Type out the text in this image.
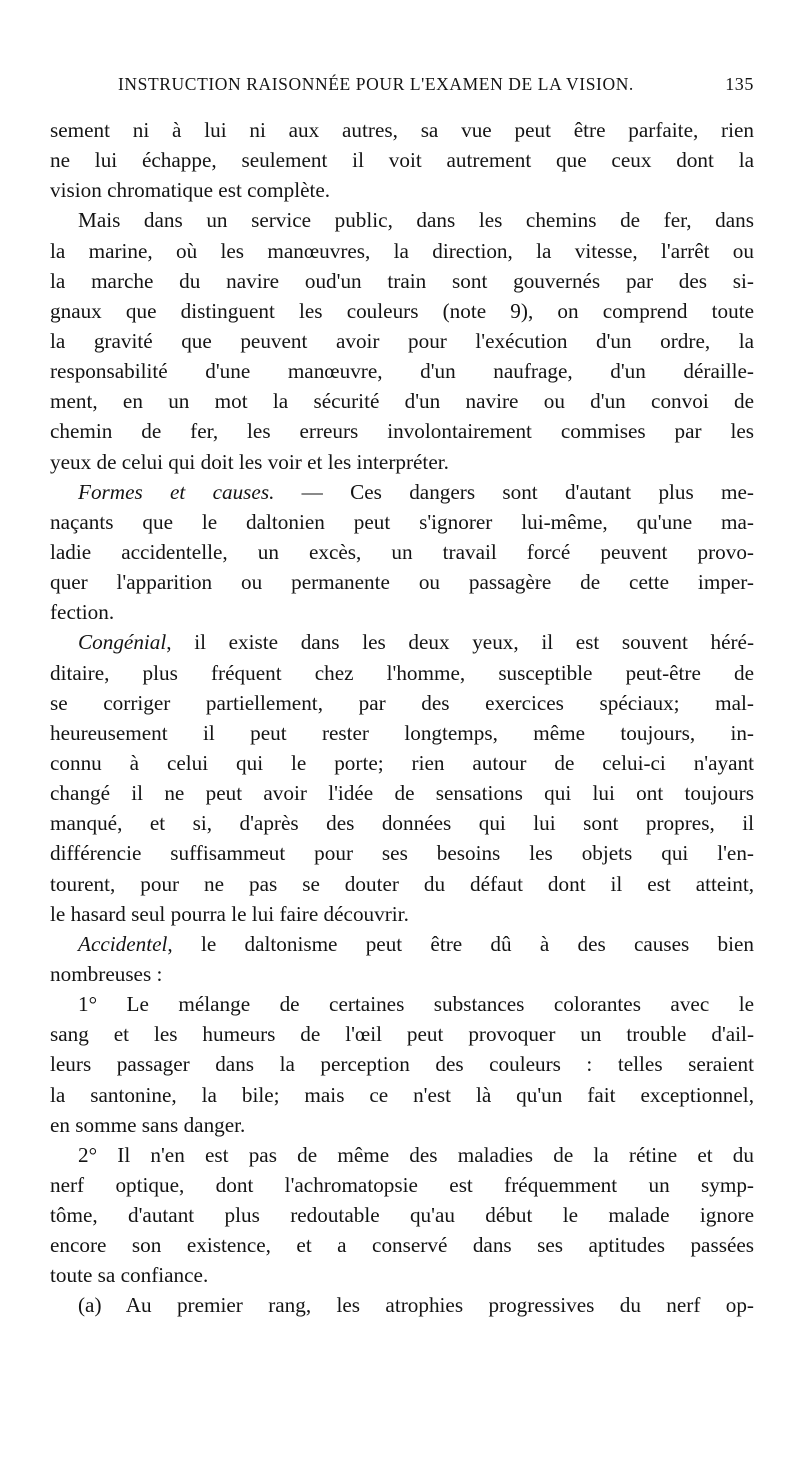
INSTRUCTION RAISONNÉE POUR L'EXAMEN DE LA VISION.	135
sement ni à lui ni aux autres, sa vue peut être parfaite, rien
ne lui échappe, seulement il voit autrement que ceux dont la
vision chromatique est complète.
Mais dans un service public, dans les chemins de fer, dans
la marine, où les manœuvres, la direction, la vitesse, l'arrêt ou
la marche du navire oud'un train sont gouvernés par des si-
gnaux que distinguent les couleurs (note 9), on comprend toute
la gravité que peuvent avoir pour l'exécution d'un ordre, la
responsabilité d'une manœuvre, d'un naufrage, d'un déraille-
ment, en un mot la sécurité d'un navire ou d'un convoi de
chemin de fer, les erreurs involontairement commises par les
yeux de celui qui doit les voir et les interpréter.
Formes et causes. — Ces dangers sont d'autant plus me-
naçants que le daltonien peut s'ignorer lui-même, qu'une ma-
ladie accidentelle, un excès, un travail forcé peuvent provo-
quer l'apparition ou permanente ou passagère de cette imper-
fection.
Congénial, il existe dans les deux yeux, il est souvent héré-
ditaire, plus fréquent chez l'homme, susceptible peut-être de
se corriger partiellement, par des exercices spéciaux; mal-
heureusement il peut rester longtemps, même toujours, in-
connu à celui qui le porte; rien autour de celui-ci n'ayant
changé il ne peut avoir l'idée de sensations qui lui ont toujours
manqué, et si, d'après des données qui lui sont propres, il
différencie suffisammeut pour ses besoins les objets qui l'en-
tourent, pour ne pas se douter du défaut dont il est atteint,
le hasard seul pourra le lui faire découvrir.
Accidentel, le daltonisme peut être dû à des causes bien
nombreuses :
1° Le mélange de certaines substances colorantes avec le
sang et les humeurs de l'œil peut provoquer un trouble d'ail-
leurs passager dans la perception des couleurs : telles seraient
la santonine, la bile; mais ce n'est là qu'un fait exceptionnel,
en somme sans danger.
2° Il n'en est pas de même des maladies de la rétine et du
nerf optique, dont l'achromatopsie est fréquemment un symp-
tôme, d'autant plus redoutable qu'au début le malade ignore
encore son existence, et a conservé dans ses aptitudes passées
toute sa confiance.
(a) Au premier rang, les atrophies progressives du nerf op-
